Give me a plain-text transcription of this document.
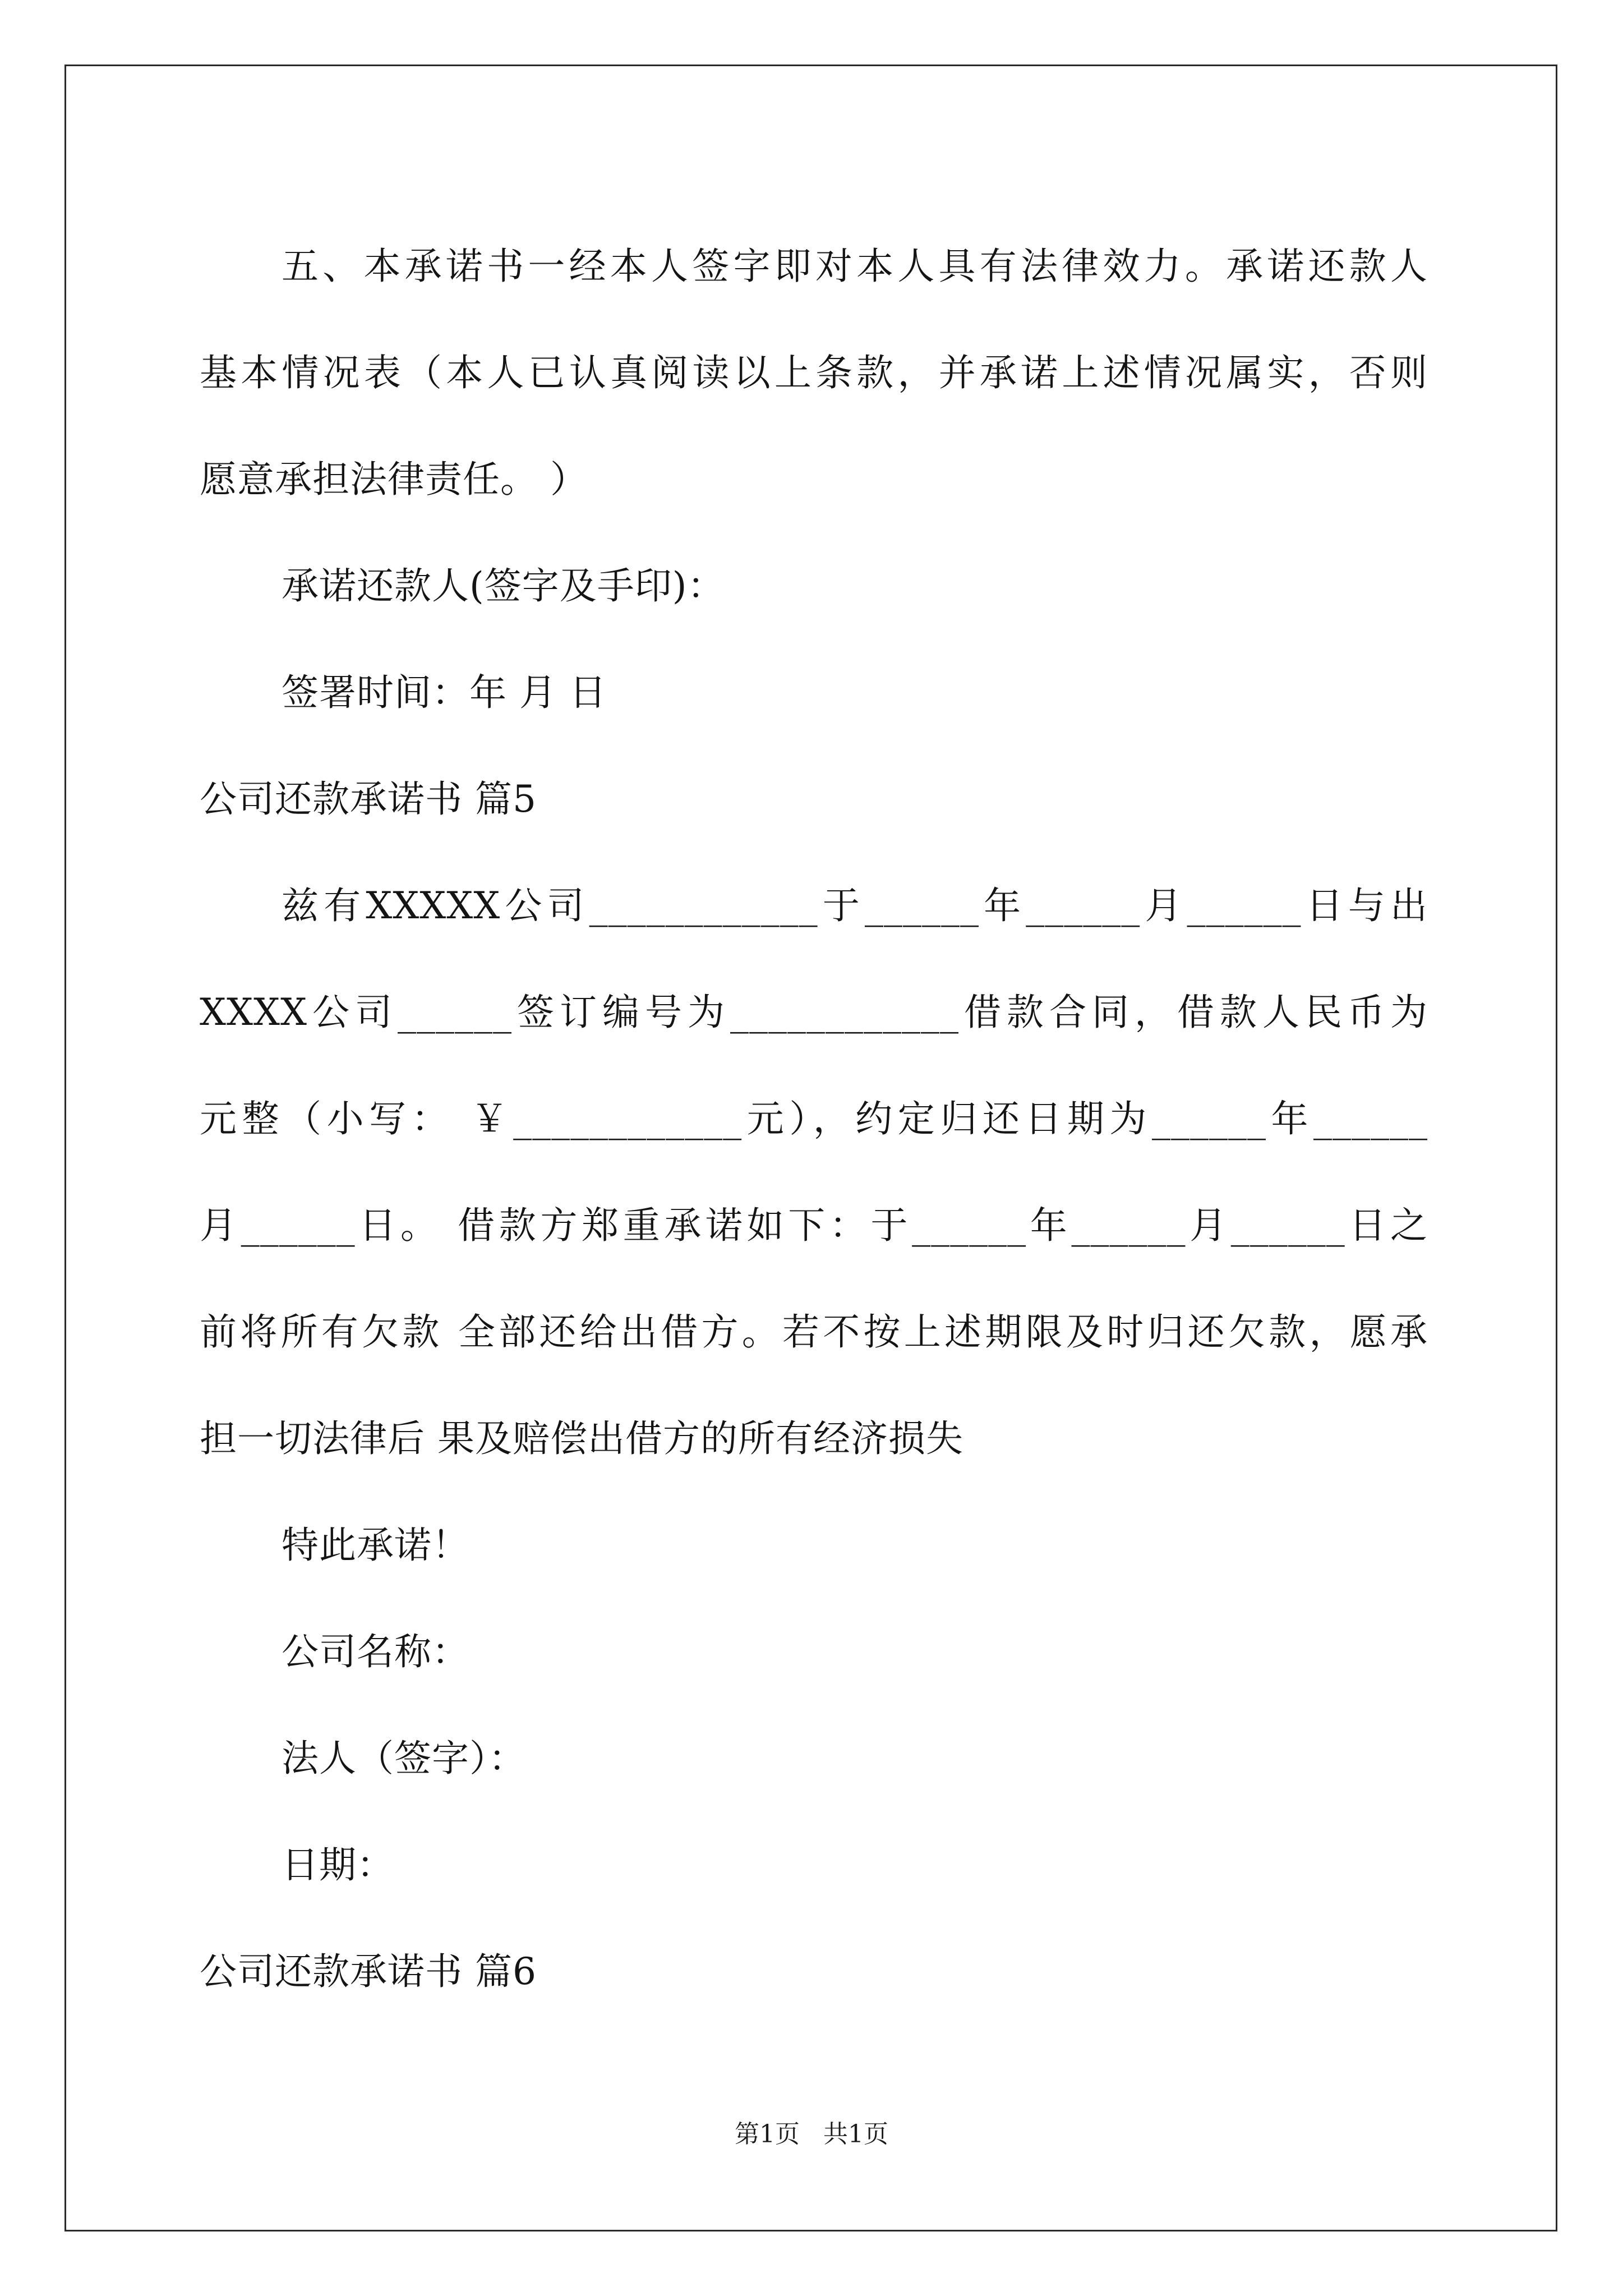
五、本承诺书一经本人签字即对本人具有法律效力。承诺还款人
基本情况表（本人已认真阅读以上条款，并承诺上述情况属实，否则
愿意承担法律责任。 ）
承诺还款人(签字及手印)：
签署时间：年 月 日
公司还款承诺书 篇5
兹有XXXXX公司____________于______年______月______日与出
XXXX公司______签订编号为____________借款合同，借款人民币为
元整（小写： ￥____________元），约定归还日期为______年______
月______日。 借款方郑重承诺如下：于______年______月______日之
前将所有欠款 全部还给出借方。若不按上述期限及时归还欠款，愿承
担一切法律后 果及赔偿出借方的所有经济损失
特此承诺！
公司名称：
法人（签字）：
日期：
公司还款承诺书 篇6
第1页   共1页
